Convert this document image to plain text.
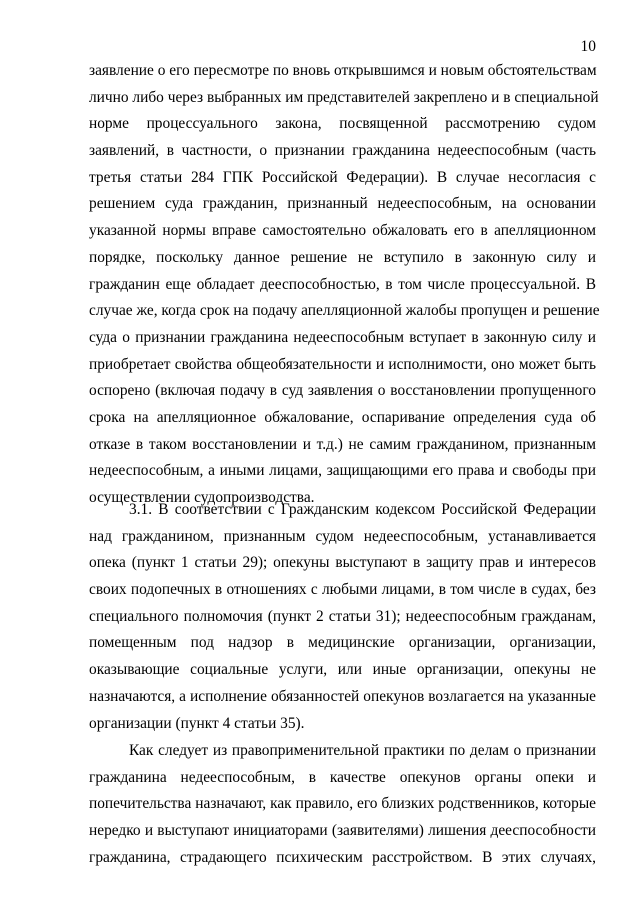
10
заявление о его пересмотре по вновь открывшимся и новым обстоятельствам
лично либо через выбранных им представителей закреплено и в специальной
норме процессуального закона, посвященной рассмотрению судом
заявлений, в частности, о признании гражданина недееспособным (часть
третья статьи 284 ГПК Российской Федерации). В случае несогласия с
решением суда гражданин, признанный недееспособным, на основании
указанной нормы вправе самостоятельно обжаловать его в апелляционном
порядке, поскольку данное решение не вступило в законную силу и
гражданин еще обладает дееспособностью, в том числе процессуальной. В
случае же, когда срок на подачу апелляционной жалобы пропущен и решение
суда о признании гражданина недееспособным вступает в законную силу и
приобретает свойства общеобязательности и исполнимости, оно может быть
оспорено (включая подачу в суд заявления о восстановлении пропущенного
срока на апелляционное обжалование, оспаривание определения суда об
отказе в таком восстановлении и т.д.) не самим гражданином, признанным
недееспособным, а иными лицами, защищающими его права и свободы при
осуществлении судопроизводства.
3.1. В соответствии с Гражданским кодексом Российской Федерации
над гражданином, признанным судом недееспособным, устанавливается
опека (пункт 1 статьи 29); опекуны выступают в защиту прав и интересов
своих подопечных в отношениях с любыми лицами, в том числе в судах, без
специального полномочия (пункт 2 статьи 31); недееспособным гражданам,
помещенным под надзор в медицинские организации, организации,
оказывающие социальные услуги, или иные организации, опекуны не
назначаются, а исполнение обязанностей опекунов возлагается на указанные
организации (пункт 4 статьи 35).
Как следует из правоприменительной практики по делам о признании
гражданина недееспособным, в качестве опекунов органы опеки и
попечительства назначают, как правило, его близких родственников, которые
нередко и выступают инициаторами (заявителями) лишения дееспособности
гражданина, страдающего психическим расстройством. В этих случаях,
